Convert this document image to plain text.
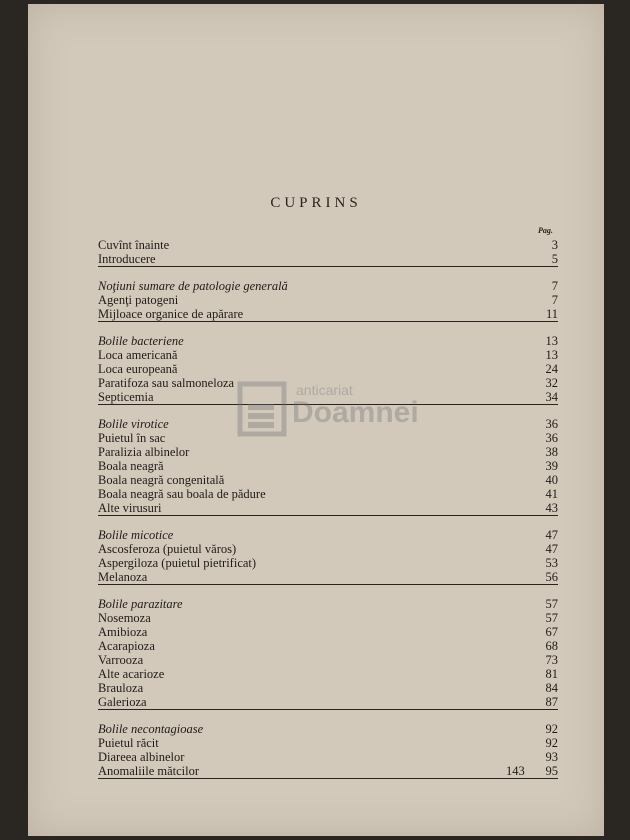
CUPRINS
Pag.
Cuvînt înainte	3
Introducere	5
Noţiuni sumare de patologie generală	7
Agenţi patogeni	7
Mijloace organice de apărare	11
Bolile bacteriene	13
Loca americană	13
Loca europeană	24
Paratifoza sau salmoneloza	32
Septicemia	34
Bolile virotice	36
Puietul în sac	36
Paralizia albinelor	38
Boala neagră	39
Boala neagră congenitală	40
Boala neagră sau boala de pădure	41
Alte virusuri	43
Bolile micotice	47
Ascosferoza (puietul văros)	47
Aspergiloza (puietul pietrificat)	53
Melanoza	56
Bolile parazitare	57
Nosemoza	57
Amibioza	67
Acarapioza	68
Varrooza	73
Alte acarioze	81
Brauloza	84
Galerioza	87
Bolile necontagioase	92
Puietul răcit	92
Diareea albinelor	93
Anomaliile mătcilor	95
anticariat
Doamnei
143
